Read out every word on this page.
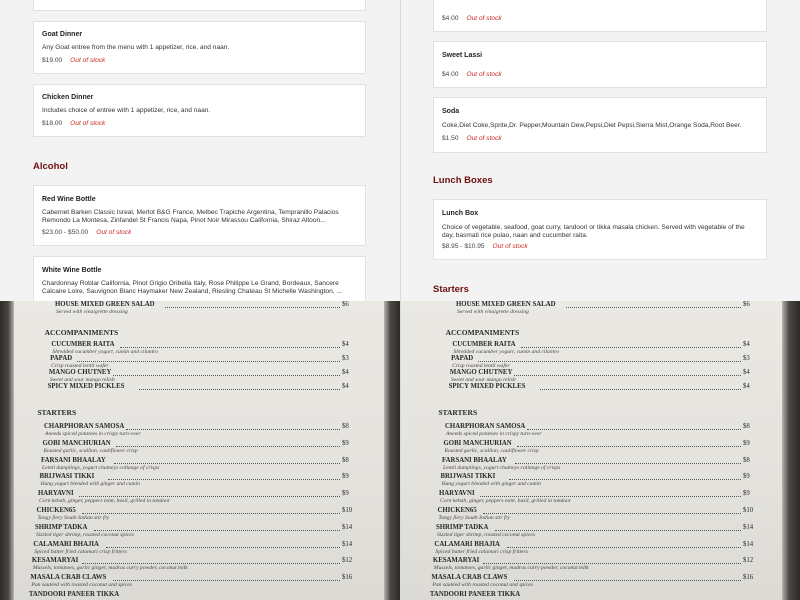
Goat Dinner
Any Goat entree from the menu with 1 appetizer, rice, and naan.
$19.00 Out of stock
Chicken Dinner
Includes choice of entree with 1 appetizer, rice, and naan.
$18.00 Out of stock
Alcohol
Red Wine Bottle
Cabernet Barken Classic Isreal, Merlot B&G France, Melbec Trapiche Argentina, Tempranillo Palacios Remondo La Montesa, Zinfandel St Francis Napa, Pinot Noir Mirassou California, Shiraz Altoon...
$23.00 - $50.00 Out of stock
White Wine Bottle
Chardonnay Roblar California, Pinot Grigio Oribella Italy, Rose Philippe Le Grand, Bordeaux, Sancere Calcaire Loire, Sauvignon Blanc Haymaker New Zealand, Riesling Chateau St Michelle Washington, ...
$4.00 Out of stock
Sweet Lassi
$4.00 Out of stock
Soda
Coke,Diet Coke,Sprite,Dr. Pepper,Mountain Dew,Pepsi,Diet Pepsi,Sierra Mist,Orange Soda,Root Beer.
$1.50 Out of stock
Lunch Boxes
Lunch Box
Choice of vegetable, seafood, goat curry, tandoori or tikka masala chicken. Served with vegetable of the day, basmati rice pulao, naan and cucumber raita.
$8.95 - $10.95 Out of stock
Starters
HOUSE MIXED GREEN SALAD
Served with vinaigrette dressing
$6
ACCOMPANIMENTS
CUCUMBER RAITA
Shredded cucumber yogurt, cumin and cilantro
$4
PAPAD
Crisp roasted lentil wafer
$3
MANGO CHUTNEY
Sweet and sour mango relish
$4
SPICY MIXED PICKLES	$4
STARTERS
CHARPHORAN SAMOSA
Aneeds spiced potatoes in crispy turn-over
$8
GOBI MANCHURIAN
Roasted garlic, scallion, cauliflower crisp
$9
FARSANI BHAALAY
Lentil dumplings, yogurt chutneys collange of crisps
$8
BRIJWASI TIKKI
Hung yogurt blended with ginger and cumin
$9
HARYAVNI
Corn kebab, ginger, peppers mint, basil, grilled in tandoor
$9
CHICKEN65
Tangy fiery South Indian stir fry
$10
SHRIMP TADKA
Sizzled tiger shrimp, roasted coconut spices
$14
CALAMARI BHAJIA
Spiced batter fried calamari crisp fritters
$14
KESAMARYAI
Mussels, tomatoes, garlic ginger, madras curry powder, coconut milk
$12
MASALA CRAB CLAWS
Pan sautéed with roasted coconut and spices
$16
TANDOORI PANEER TIKKA
HOUSE MIXED GREEN SALAD
Served with vinaigrette dressing
$6
ACCOMPANIMENTS
CUCUMBER RAITA
Shredded cucumber yogurt, cumin and cilantro
$4
PAPAD
Crisp roasted lentil wafer
$3
MANGO CHUTNEY
Sweet and sour mango relish
$4
SPICY MIXED PICKLES	$4
STARTERS
CHARPHORAN SAMOSA
Aneeds spiced potatoes in crispy turn-over
$8
GOBI MANCHURIAN
Roasted garlic, scallion, cauliflower crisp
$9
FARSANI BHAALAY
Lentil dumplings, yogurt chutneys collange of crisps
$8
BRIJWASI TIKKI
Hung yogurt blended with ginger and cumin
$9
HARYAVNI
Corn kebab, ginger, peppers mint, basil, grilled in tandoor
$9
CHICKEN65
Tangy fiery South Indian stir fry
$10
SHRIMP TADKA
Sizzled tiger shrimp, roasted coconut spices
$14
CALAMARI BHAJIA
Spiced batter fried calamari crisp fritters
$14
KESAMARYAI
Mussels, tomatoes, garlic ginger, madras curry powder, coconut milk
$12
MASALA CRAB CLAWS
Pan sautéed with roasted coconut and spices
$16
TANDOORI PANEER TIKKA
